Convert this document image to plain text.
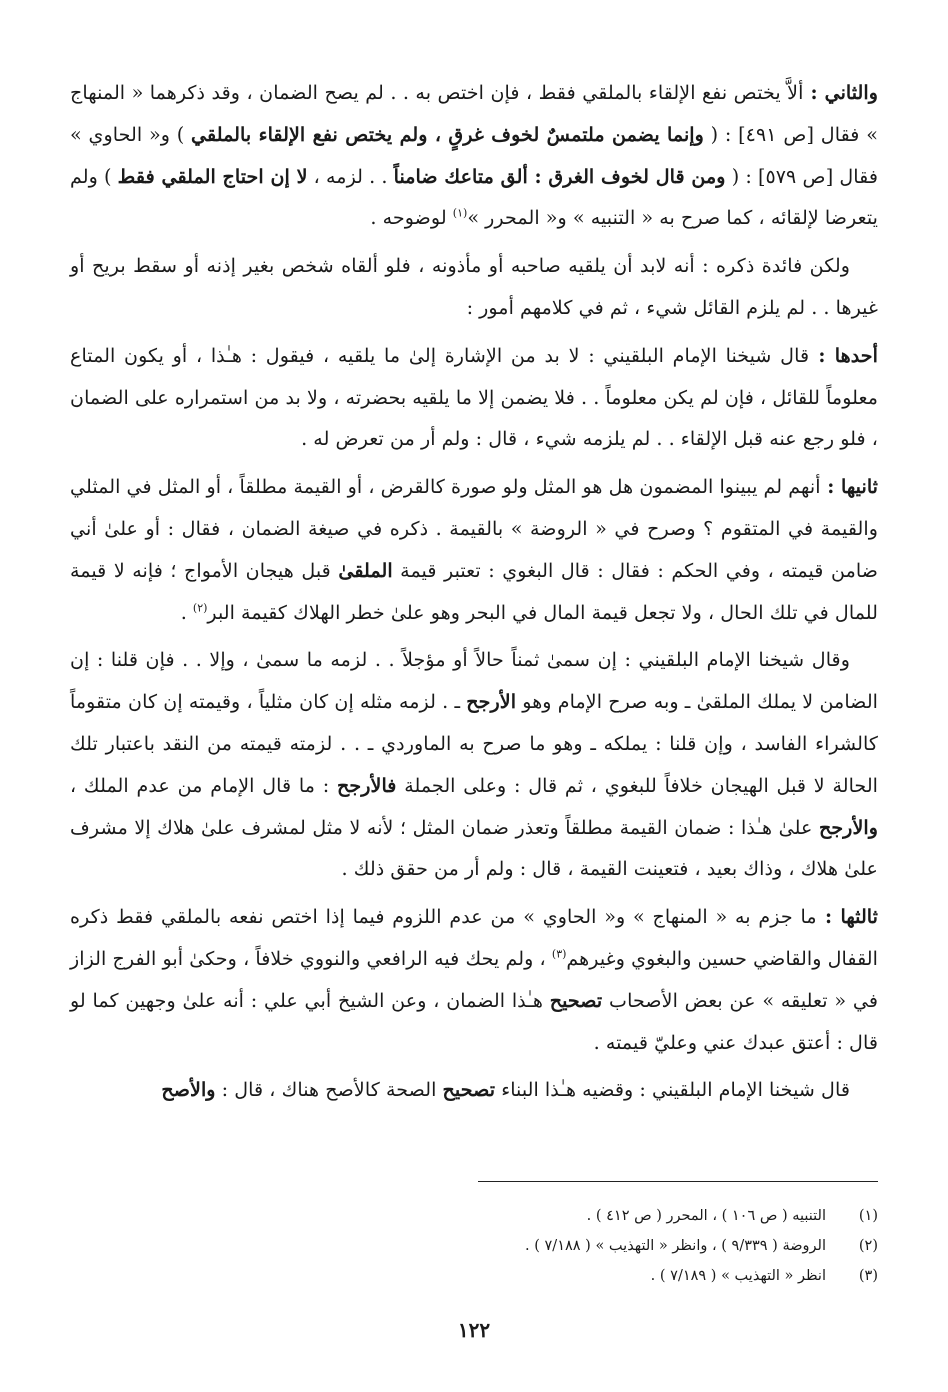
والثاني : ألاَّ يختص نفع الإلقاء بالملقي فقط ، فإن اختص به . . لم يصح الضمان ، وقد ذكرهما « المنهاج » فقال [ص ٤٩١] : ( وإنما يضمن ملتمسٌ لخوف غرقٍ ، ولم يختص نفع الإلقاء بالملقي ) و« الحاوي » فقال [ص ٥٧٩] : ( ومن قال لخوف الغرق : ألق متاعك ضامناً . . لزمه ، لا إن احتاج الملقي فقط ) ولم يتعرضا لإلقائه ، كما صرح به « التنبيه » و« المحرر »$^{(١)}$ لوضوحه .

ولكن فائدة ذكره : أنه لابد أن يلقيه صاحبه أو مأذونه ، فلو ألقاه شخص بغير إذنه أو سقط بريح أو غيرها . . لم يلزم القائل شيء ، ثم في كلامهم أمور :

أحدها : قال شيخنا الإمام البلقيني : لا بد من الإشارة إلىٰ ما يلقيه ، فيقول : هـٰذا ، أو يكون المتاع معلوماً للقائل ، فإن لم يكن معلوماً . . فلا يضمن إلا ما يلقيه بحضرته ، ولا بد من استمراره على الضمان ، فلو رجع عنه قبل الإلقاء . . لم يلزمه شيء ، قال : ولم أر من تعرض له .

ثانيها : أنهم لم يبينوا المضمون هل هو المثل ولو صورة كالقرض ، أو القيمة مطلقاً ، أو المثل في المثلي والقيمة في المتقوم ؟ وصرح في « الروضة » بالقيمة . ذكره في صيغة الضمان ، فقال : أو علىٰ أني ضامن قيمته ، وفي الحكم : فقال : قال البغوي : تعتبر قيمة الملقىٰ قبل هيجان الأمواج ؛ فإنه لا قيمة للمال في تلك الحال ، ولا تجعل قيمة المال في البحر وهو علىٰ خطر الهلاك كقيمة البر$^{(٢)}$ .

وقال شيخنا الإمام البلقيني : إن سمىٰ ثمناً حالاً أو مؤجلاً . . لزمه ما سمىٰ ، وإلا . . فإن قلنا : إن الضامن لا يملك الملقىٰ ـ وبه صرح الإمام وهو الأرجح ـ . لزمه مثله إن كان مثلياً ، وقيمته إن كان متقوماً كالشراء الفاسد ، وإن قلنا : يملكه ـ وهو ما صرح به الماوردي ـ . . لزمته قيمته من النقد باعتبار تلك الحالة لا قبل الهيجان خلافاً للبغوي ، ثم قال : وعلى الجملة فالأرجح : ما قال الإمام من عدم الملك ، والأرجح علىٰ هـٰذا : ضمان القيمة مطلقاً وتعذر ضمان المثل ؛ لأنه لا مثل لمشرف علىٰ هلاك إلا مشرف علىٰ هلاك ، وذاك بعيد ، فتعينت القيمة ، قال : ولم أر من حقق ذلك .

ثالثها : ما جزم به « المنهاج » و« الحاوي » من عدم اللزوم فيما إذا اختص نفعه بالملقي فقط ذكره القفال والقاضي حسين والبغوي وغيرهم$^{(٣)}$ ، ولم يحك فيه الرافعي والنووي خلافاً ، وحكىٰ أبو الفرج الزاز في « تعليقه » عن بعض الأصحاب تصحيح هـٰذا الضمان ، وعن الشيخ أبي علي : أنه علىٰ وجهين كما لو قال : أعتق عبدك عني وعليّ قيمته .

قال شيخنا الإمام البلقيني : وقضيه هـٰذا البناء تصحيح الصحة كالأصح هناك ، قال : والأصح

(١)
التنبيه ( ص ١٠٦ ) ، المحرر ( ص ٤١٢ ) .
(٢)
الروضة ( ٩/٣٣٩ ) ، وانظر « التهذيب » ( ٧/١٨٨ ) .
(٣)
انظر « التهذيب » ( ٧/١٨٩ ) .
١٢٢
